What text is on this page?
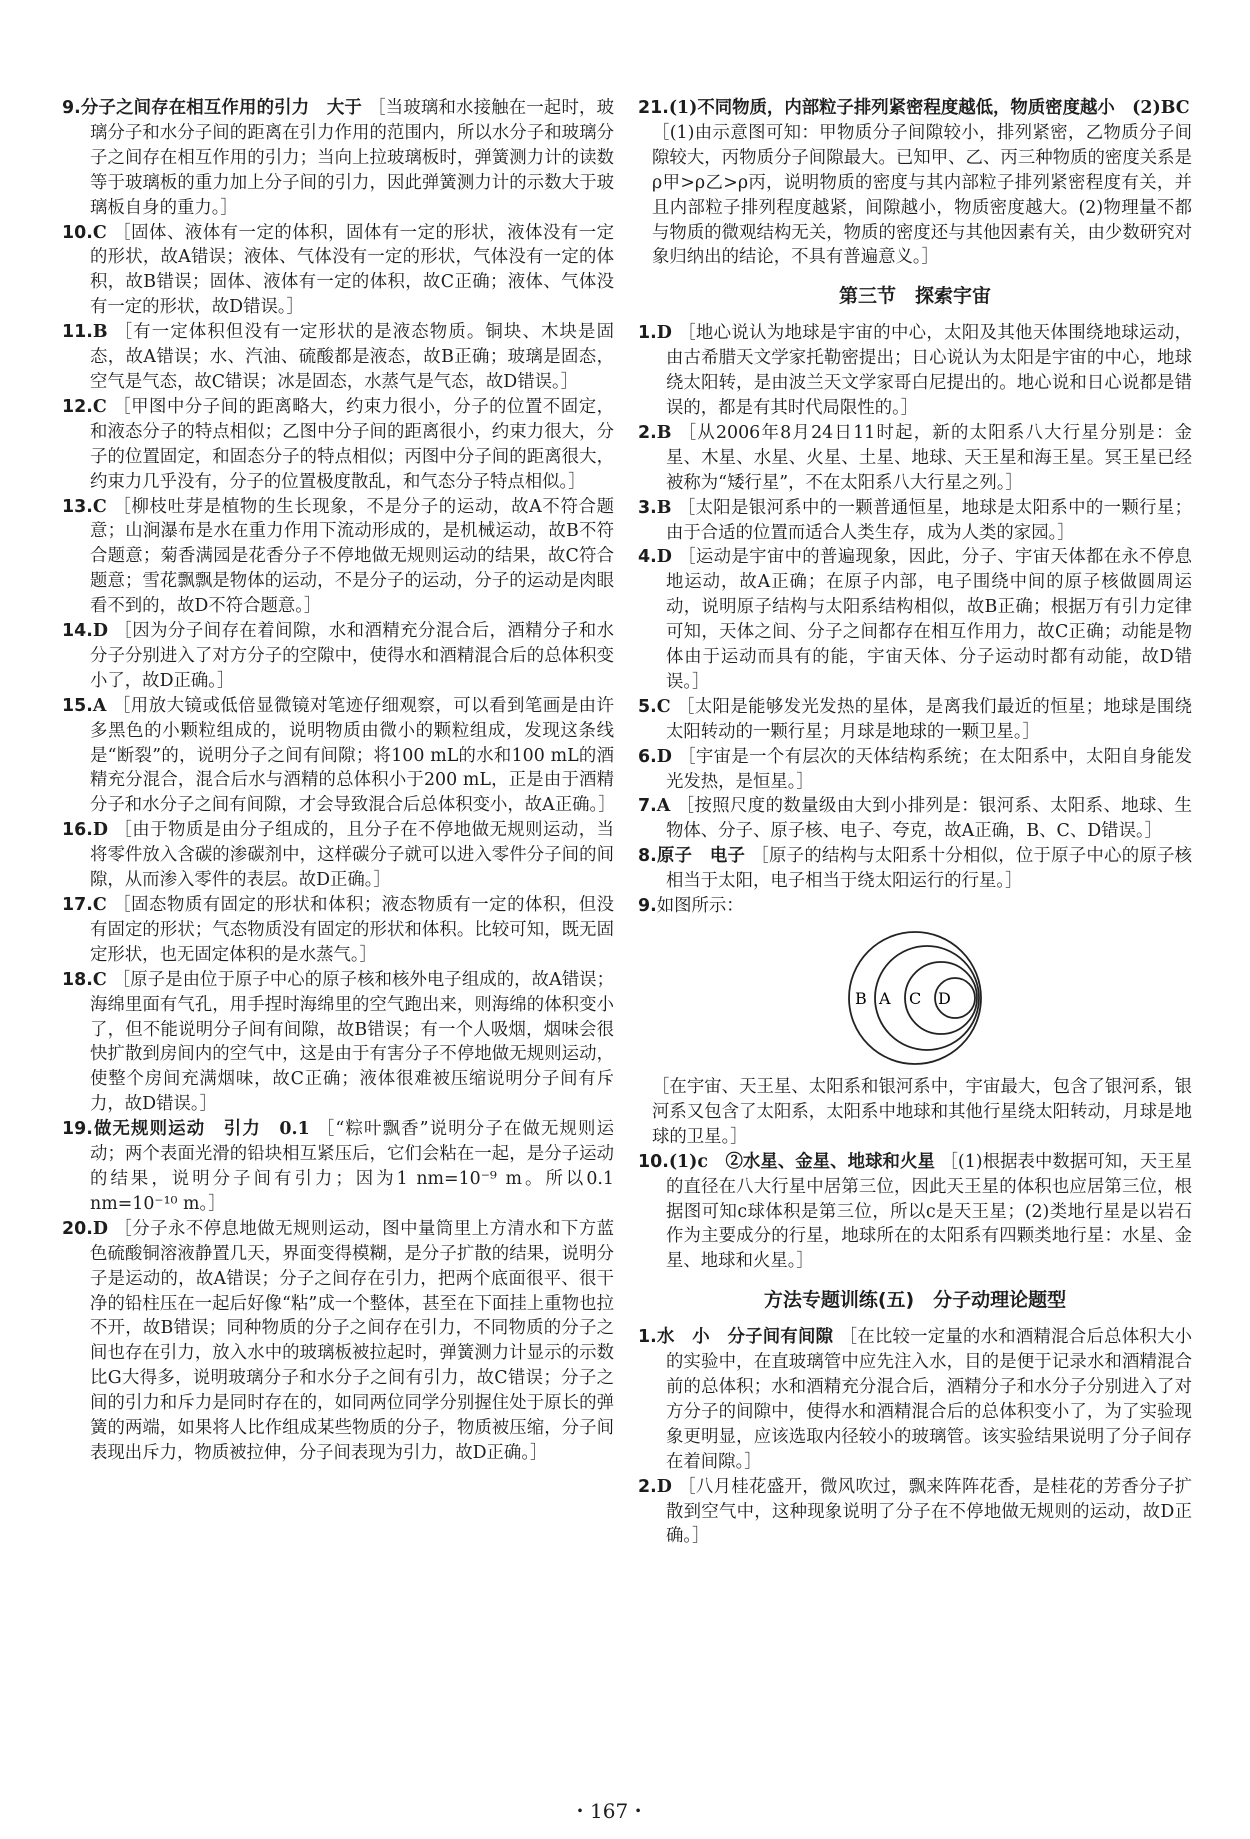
9.分子之间存在相互作用的引力　大于 ［当玻璃和水接触在一起时，玻璃分子和水分子间的距离在引力作用的范围内，所以水分子和玻璃分子之间存在相互作用的引力；当向上拉玻璃板时，弹簧测力计的读数等于玻璃板的重力加上分子间的引力，因此弹簧测力计的示数大于玻璃板自身的重力。］

10.C ［固体、液体有一定的体积，固体有一定的形状，液体没有一定的形状，故A错误；液体、气体没有一定的形状，气体没有一定的体积，故B错误；固体、液体有一定的体积，故C正确；液体、气体没有一定的形状，故D错误。］

11.B ［有一定体积但没有一定形状的是液态物质。铜块、木块是固态，故A错误；水、汽油、硫酸都是液态，故B正确；玻璃是固态，空气是气态，故C错误；冰是固态，水蒸气是气态，故D错误。］

12.C ［甲图中分子间的距离略大，约束力很小，分子的位置不固定，和液态分子的特点相似；乙图中分子间的距离很小，约束力很大，分子的位置固定，和固态分子的特点相似；丙图中分子间的距离很大，约束力几乎没有，分子的位置极度散乱，和气态分子特点相似。］

13.C ［柳枝吐芽是植物的生长现象，不是分子的运动，故A不符合题意；山涧瀑布是水在重力作用下流动形成的，是机械运动，故B不符合题意；菊香满园是花香分子不停地做无规则运动的结果，故C符合题意；雪花飘飘是物体的运动，不是分子的运动，分子的运动是肉眼看不到的，故D不符合题意。］

14.D ［因为分子间存在着间隙，水和酒精充分混合后，酒精分子和水分子分别进入了对方分子的空隙中，使得水和酒精混合后的总体积变小了，故D正确。］

15.A ［用放大镜或低倍显微镜对笔迹仔细观察，可以看到笔画是由许多黑色的小颗粒组成的，说明物质由微小的颗粒组成，发现这条线是“断裂”的，说明分子之间有间隙；将100 mL的水和100 mL的酒精充分混合，混合后水与酒精的总体积小于200 mL，正是由于酒精分子和水分子之间有间隙，才会导致混合后总体积变小，故A正确。］

16.D ［由于物质是由分子组成的，且分子在不停地做无规则运动，当将零件放入含碳的渗碳剂中，这样碳分子就可以进入零件分子间的间隙，从而渗入零件的表层。故D正确。］

17.C ［固态物质有固定的形状和体积；液态物质有一定的体积，但没有固定的形状；气态物质没有固定的形状和体积。比较可知，既无固定形状，也无固定体积的是水蒸气。］

18.C ［原子是由位于原子中心的原子核和核外电子组成的，故A错误；海绵里面有气孔，用手捏时海绵里的空气跑出来，则海绵的体积变小了，但不能说明分子间有间隙，故B错误；有一个人吸烟，烟味会很快扩散到房间内的空气中，这是由于有害分子不停地做无规则运动，使整个房间充满烟味，故C正确；液体很难被压缩说明分子间有斥力，故D错误。］

19.做无规则运动　引力　0.1 ［“粽叶飘香”说明分子在做无规则运动；两个表面光滑的铅块相互紧压后，它们会粘在一起，是分子运动的结果，说明分子间有引力；因为1 nm=10⁻⁹ m。所以0.1 nm=10⁻¹⁰ m。］

20.D ［分子永不停息地做无规则运动，图中量筒里上方清水和下方蓝色硫酸铜溶液静置几天，界面变得模糊，是分子扩散的结果，说明分子是运动的，故A错误；分子之间存在引力，把两个底面很平、很干净的铅柱压在一起后好像“粘”成一个整体，甚至在下面挂上重物也拉不开，故B错误；同种物质的分子之间存在引力，不同物质的分子之间也存在引力，放入水中的玻璃板被拉起时，弹簧测力计显示的示数比G大得多，说明玻璃分子和水分子之间有引力，故C错误；分子之间的引力和斥力是同时存在的，如同两位同学分别握住处于原长的弹簧的两端，如果将人比作组成某些物质的分子，物质被压缩，分子间表现出斥力，物质被拉伸，分子间表现为引力，故D正确。］

21.(1)不同物质，内部粒子排列紧密程度越低，物质密度越小　(2)BC

［(1)由示意图可知：甲物质分子间隙较小，排列紧密，乙物质分子间隙较大，丙物质分子间隙最大。已知甲、乙、丙三种物质的密度关系是ρ甲>ρ乙>ρ丙，说明物质的密度与其内部粒子排列紧密程度有关，并且内部粒子排列程度越紧，间隙越小，物质密度越大。(2)物理量不都与物质的微观结构无关，物质的密度还与其他因素有关，由少数研究对象归纳出的结论，不具有普遍意义。］

第三节　探索宇宙

1.D ［地心说认为地球是宇宙的中心，太阳及其他天体围绕地球运动，由古希腊天文学家托勒密提出；日心说认为太阳是宇宙的中心，地球绕太阳转，是由波兰天文学家哥白尼提出的。地心说和日心说都是错误的，都是有其时代局限性的。］

2.B ［从2006年8月24日11时起，新的太阳系八大行星分别是：金星、木星、水星、火星、土星、地球、天王星和海王星。冥王星已经被称为“矮行星”，不在太阳系八大行星之列。］

3.B ［太阳是银河系中的一颗普通恒星，地球是太阳系中的一颗行星；由于合适的位置而适合人类生存，成为人类的家园。］

4.D ［运动是宇宙中的普遍现象，因此，分子、宇宙天体都在永不停息地运动，故A正确；在原子内部，电子围绕中间的原子核做圆周运动，说明原子结构与太阳系结构相似，故B正确；根据万有引力定律可知，天体之间、分子之间都存在相互作用力，故C正确；动能是物体由于运动而具有的能，宇宙天体、分子运动时都有动能，故D错误。］

5.C ［太阳是能够发光发热的星体，是离我们最近的恒星；地球是围绕太阳转动的一颗行星；月球是地球的一颗卫星。］

6.D ［宇宙是一个有层次的天体结构系统；在太阳系中，太阳自身能发光发热，是恒星。］

7.A ［按照尺度的数量级由大到小排列是：银河系、太阳系、地球、生物体、分子、原子核、电子、夸克，故A正确，B、C、D错误。］

8.原子　电子 ［原子的结构与太阳系十分相似，位于原子中心的原子核相当于太阳，电子相当于绕太阳运行的行星。］

9.如图所示：

B A C D

［在宇宙、天王星、太阳系和银河系中，宇宙最大，包含了银河系，银河系又包含了太阳系，太阳系中地球和其他行星绕太阳转动，月球是地球的卫星。］

10.(1)c　②水星、金星、地球和火星 ［(1)根据表中数据可知，天王星的直径在八大行星中居第三位，因此天王星的体积也应居第三位，根据图可知c球体积是第三位，所以c是天王星；(2)类地行星是以岩石作为主要成分的行星，地球所在的太阳系有四颗类地行星：水星、金星、地球和火星。］

方法专题训练(五)　分子动理论题型

1.水　小　分子间有间隙 ［在比较一定量的水和酒精混合后总体积大小的实验中，在直玻璃管中应先注入水，目的是便于记录水和酒精混合前的总体积；水和酒精充分混合后，酒精分子和水分子分别进入了对方分子的间隙中，使得水和酒精混合后的总体积变小了，为了实验现象更明显，应该选取内径较小的玻璃管。该实验结果说明了分子间存在着间隙。］

2.D ［八月桂花盛开，微风吹过，飘来阵阵花香，是桂花的芳香分子扩散到空气中，这种现象说明了分子在不停地做无规则的运动，故D正确。］

・167・
